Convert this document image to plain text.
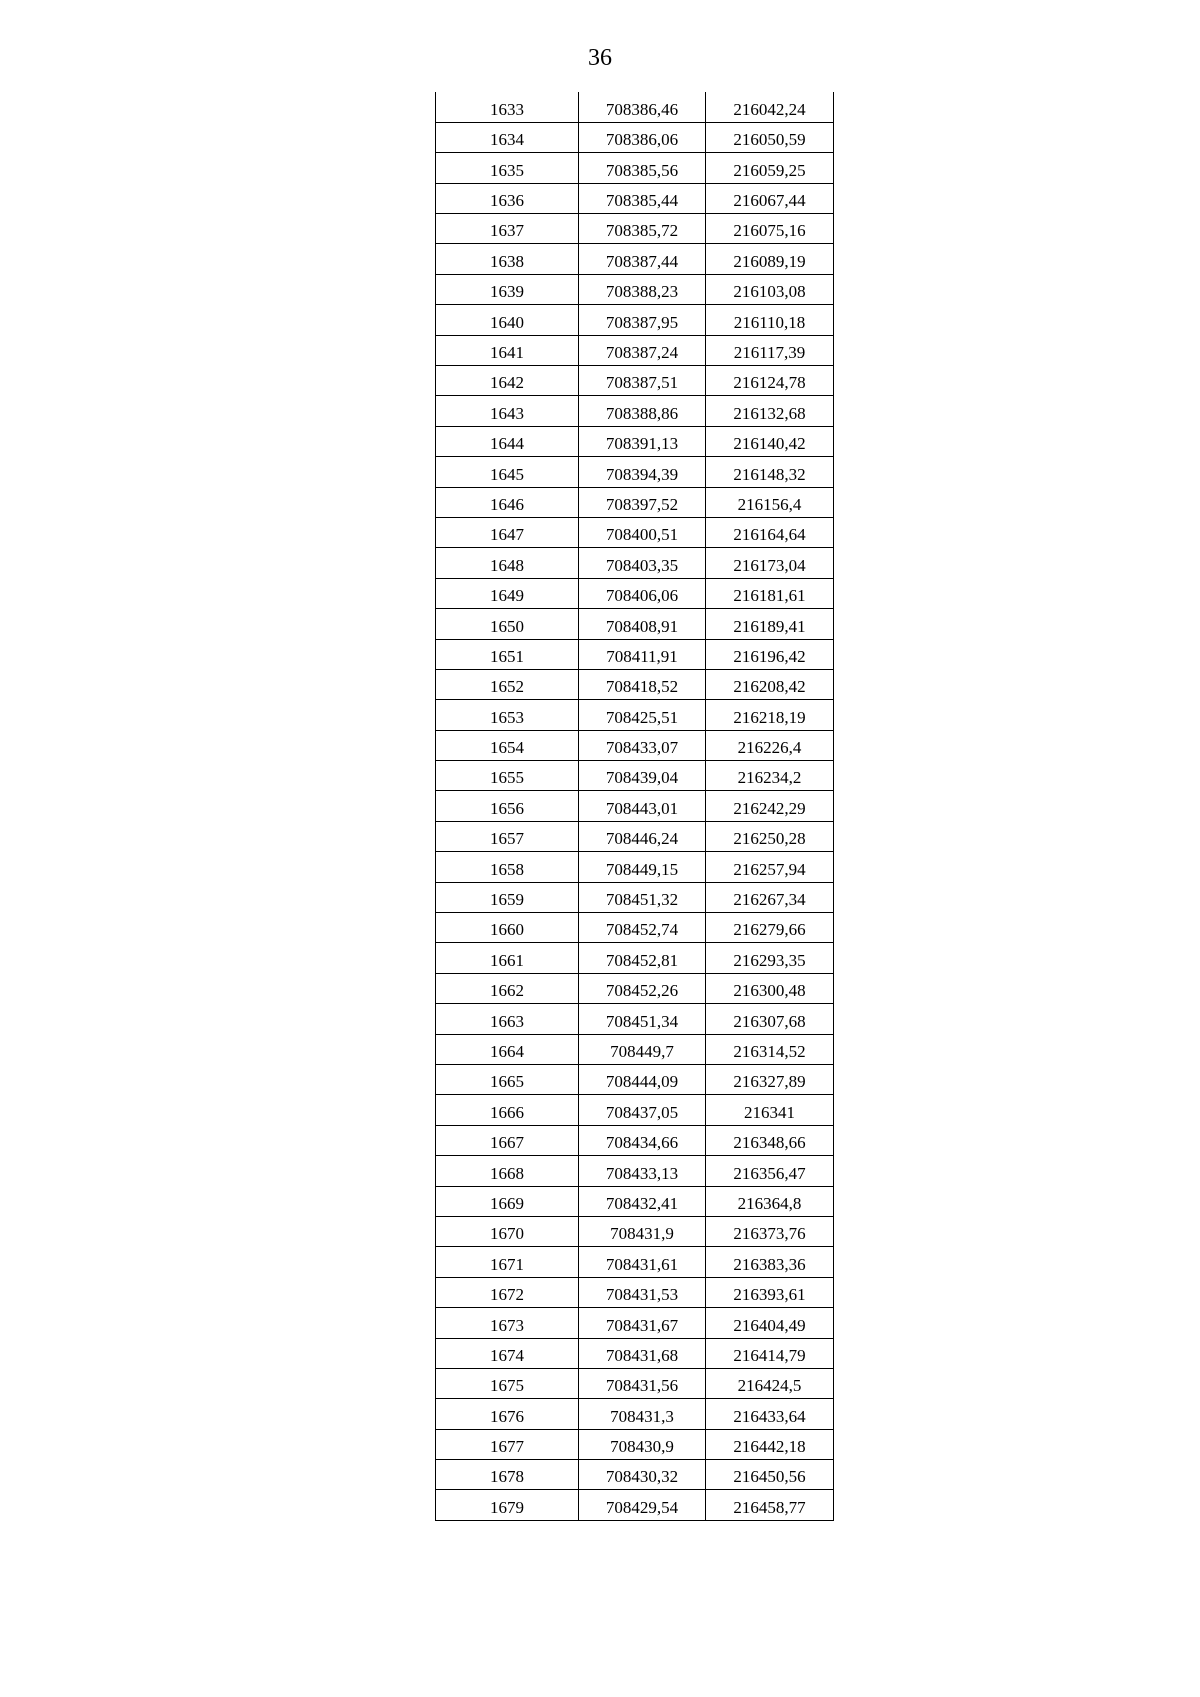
36
1633	708386,46	216042,24
1634	708386,06	216050,59
1635	708385,56	216059,25
1636	708385,44	216067,44
1637	708385,72	216075,16
1638	708387,44	216089,19
1639	708388,23	216103,08
1640	708387,95	216110,18
1641	708387,24	216117,39
1642	708387,51	216124,78
1643	708388,86	216132,68
1644	708391,13	216140,42
1645	708394,39	216148,32
1646	708397,52	216156,4
1647	708400,51	216164,64
1648	708403,35	216173,04
1649	708406,06	216181,61
1650	708408,91	216189,41
1651	708411,91	216196,42
1652	708418,52	216208,42
1653	708425,51	216218,19
1654	708433,07	216226,4
1655	708439,04	216234,2
1656	708443,01	216242,29
1657	708446,24	216250,28
1658	708449,15	216257,94
1659	708451,32	216267,34
1660	708452,74	216279,66
1661	708452,81	216293,35
1662	708452,26	216300,48
1663	708451,34	216307,68
1664	708449,7	216314,52
1665	708444,09	216327,89
1666	708437,05	216341
1667	708434,66	216348,66
1668	708433,13	216356,47
1669	708432,41	216364,8
1670	708431,9	216373,76
1671	708431,61	216383,36
1672	708431,53	216393,61
1673	708431,67	216404,49
1674	708431,68	216414,79
1675	708431,56	216424,5
1676	708431,3	216433,64
1677	708430,9	216442,18
1678	708430,32	216450,56
1679	708429,54	216458,77
